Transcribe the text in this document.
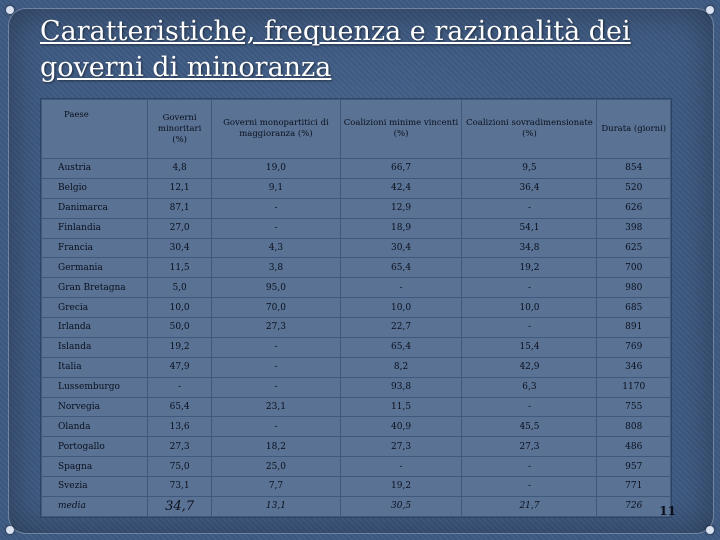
Caratteristiche, frequenza e razionalità dei governi di minoranza
Paese	Governi minoritari (%)	Governi monopartitici di maggioranza (%)	Coalizioni minime vincenti (%)	Coalizioni sovradimensionate (%)	Durata (giorni)
Austria	4,8	19,0	66,7	9,5	854
Belgio	12,1	9,1	42,4	36,4	520
Danimarca	87,1	-	12,9	-	626
Finlandia	27,0	-	18,9	54,1	398
Francia	30,4	4,3	30,4	34,8	625
Germania	11,5	3,8	65,4	19,2	700
Gran Bretagna	5,0	95,0	-	-	980
Grecia	10,0	70,0	10,0	10,0	685
Irlanda	50,0	27,3	22,7	-	891
Islanda	19,2	-	65,4	15,4	769
Italia	47,9	-	8,2	42,9	346
Lussemburgo	-	-	93,8	6,3	1170
Norvegia	65,4	23,1	11,5	-	755
Olanda	13,6	-	40,9	45,5	808
Portogallo	27,3	18,2	27,3	27,3	486
Spagna	75,0	25,0	-	-	957
Svezia	73,1	7,7	19,2	-	771
media	34,7	13,1	30,5	21,7	726 11
